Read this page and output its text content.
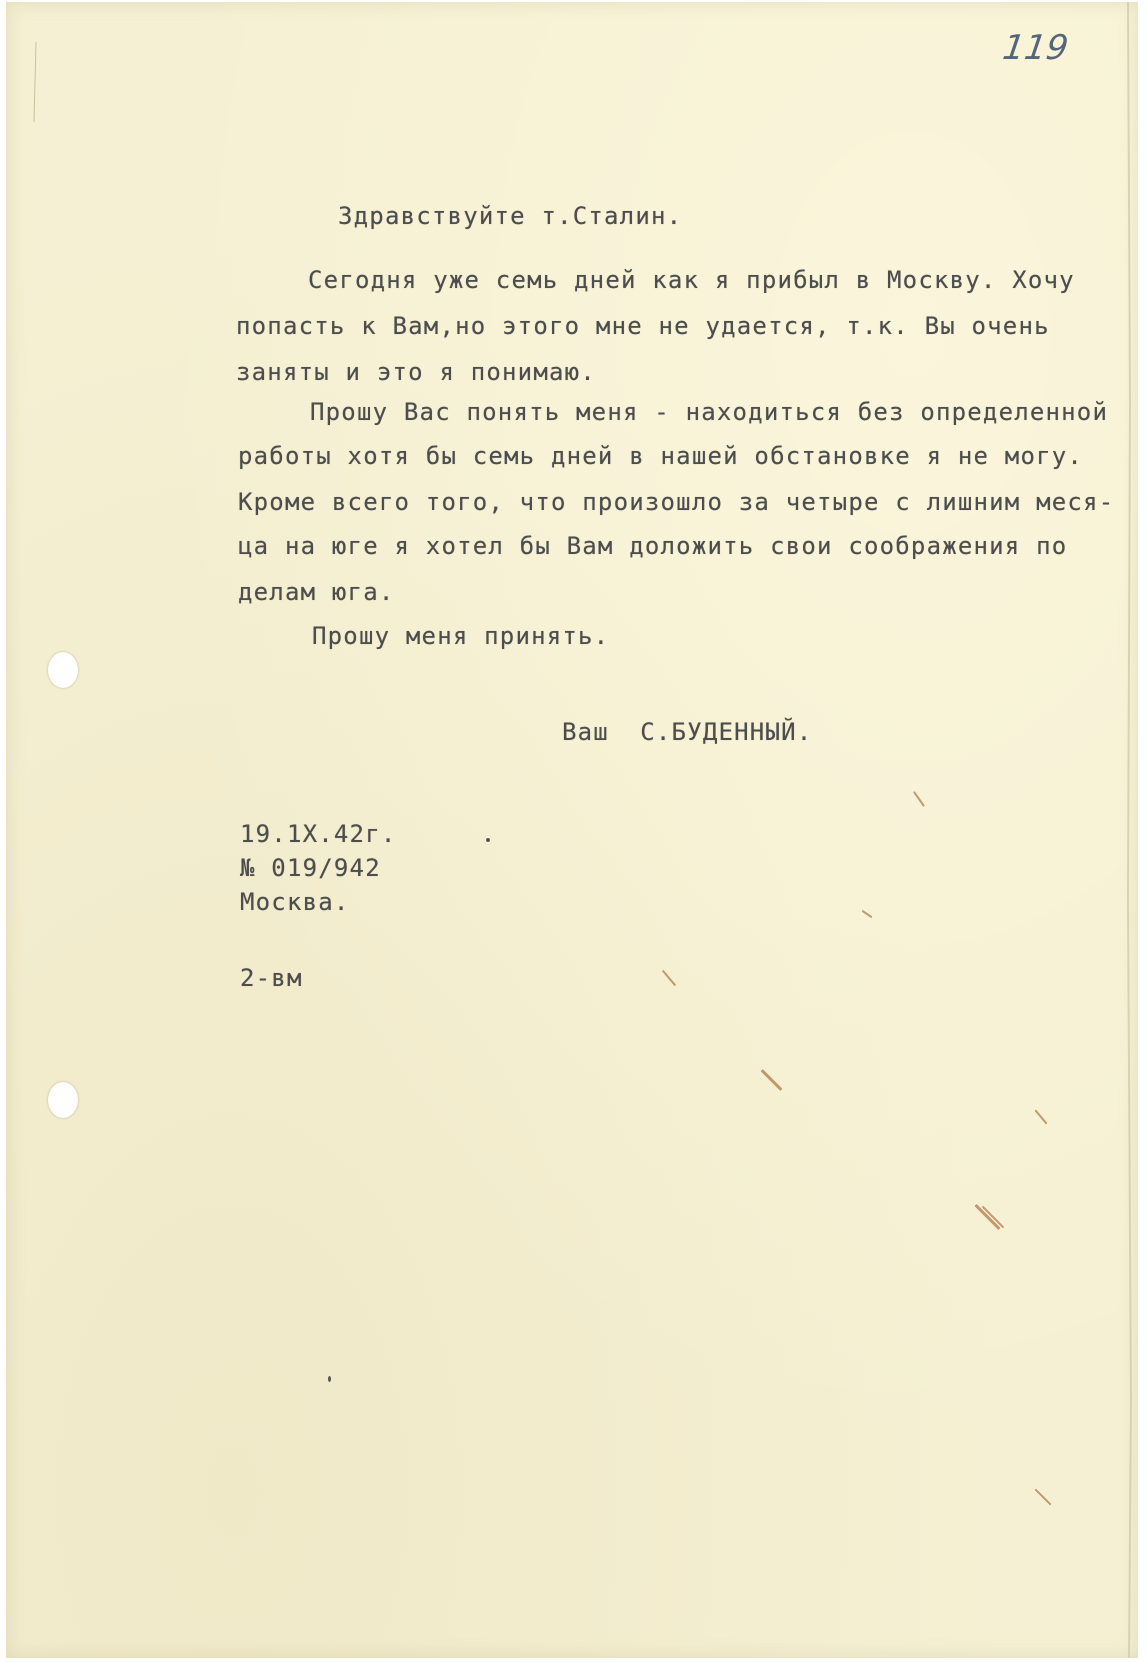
119
Здравствуйте т.Сталин.
Сегодня уже семь дней как я прибыл в Москву. Хочу
попасть к Вам,но этого мне не удается, т.к. Вы очень
заняты и это я понимаю.
Прошу Вас понять меня - находиться без определенной
работы хотя бы семь дней в нашей обстановке я не могу.
Кроме всего того, что произошло за четыре с лишним меся-
ца на юге я хотел бы Вам доложить свои соображения по
делам юга.
Прошу меня принять.
Ваш  С.БУДЕННЫЙ.
19.1X.42г.
№ 019/942
Москва.
2-вм
